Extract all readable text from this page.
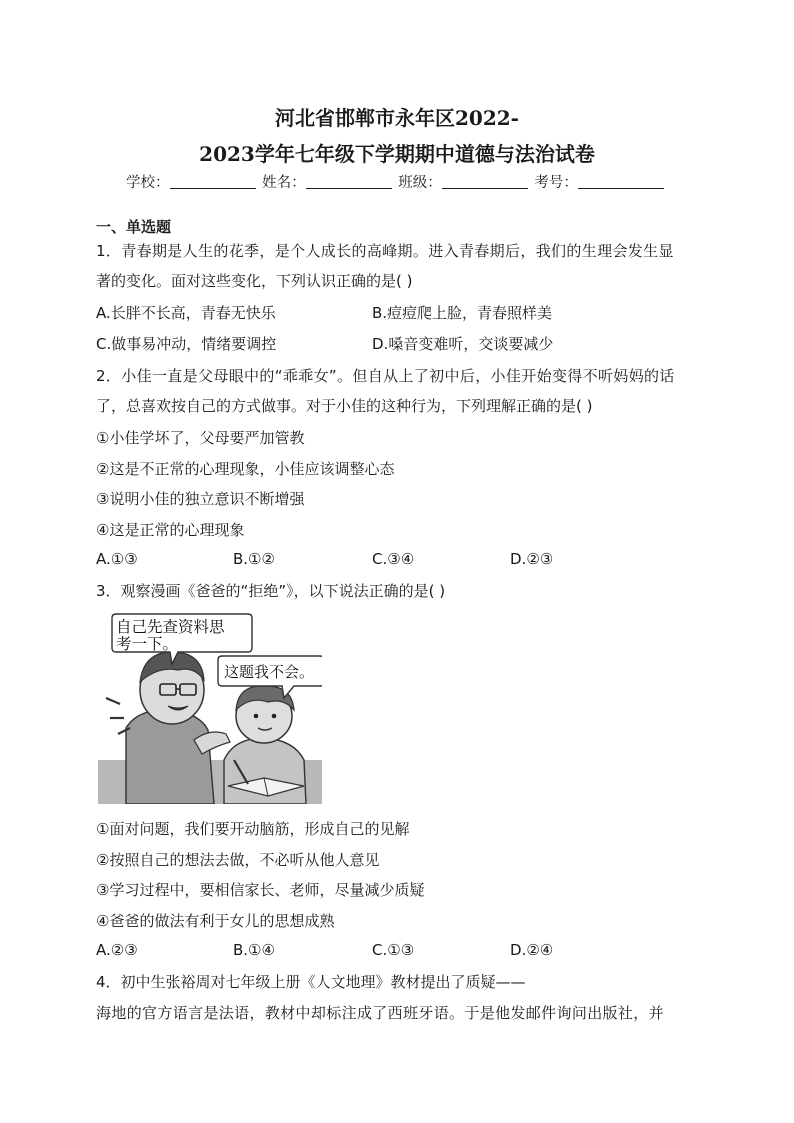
河北省邯郸市永年区2022-
2023学年七年级下学期期中道德与法治试卷
学校：	姓名：	班级：	考号：
一、单选题
1．青春期是人生的花季，是个人成长的高峰期。进入青春期后，我们的生理会发生显
著的变化。面对这些变化，下列认识正确的是( )
A.长胖不长高，青春无快乐	B.痘痘爬上脸，青春照样美
C.做事易冲动，情绪要调控	D.嗓音变难听，交谈要减少
2．小佳一直是父母眼中的“乖乖女”。但自从上了初中后，小佳开始变得不听妈妈的话
了，总喜欢按自己的方式做事。对于小佳的这种行为，下列理解正确的是( )
①小佳学坏了，父母要严加管教
②这是不正常的心理现象，小佳应该调整心态
③说明小佳的独立意识不断增强
④这是正常的心理现象
A.①③	B.①②	C.③④	D.②③
3．观察漫画《爸爸的“拒绝”》，以下说法正确的是( )
自己先查资料思
考一下。
这题我不会。
①面对问题，我们要开动脑筋，形成自己的见解
②按照自己的想法去做，不必听从他人意见
③学习过程中，要相信家长、老师，尽量减少质疑
④爸爸的做法有利于女儿的思想成熟
A.②③	B.①④	C.①③	D.②④
4．初中生张裕周对七年级上册《人文地理》教材提出了质疑——
海地的官方语言是法语，教材中却标注成了西班牙语。于是他发邮件询问出版社，并
